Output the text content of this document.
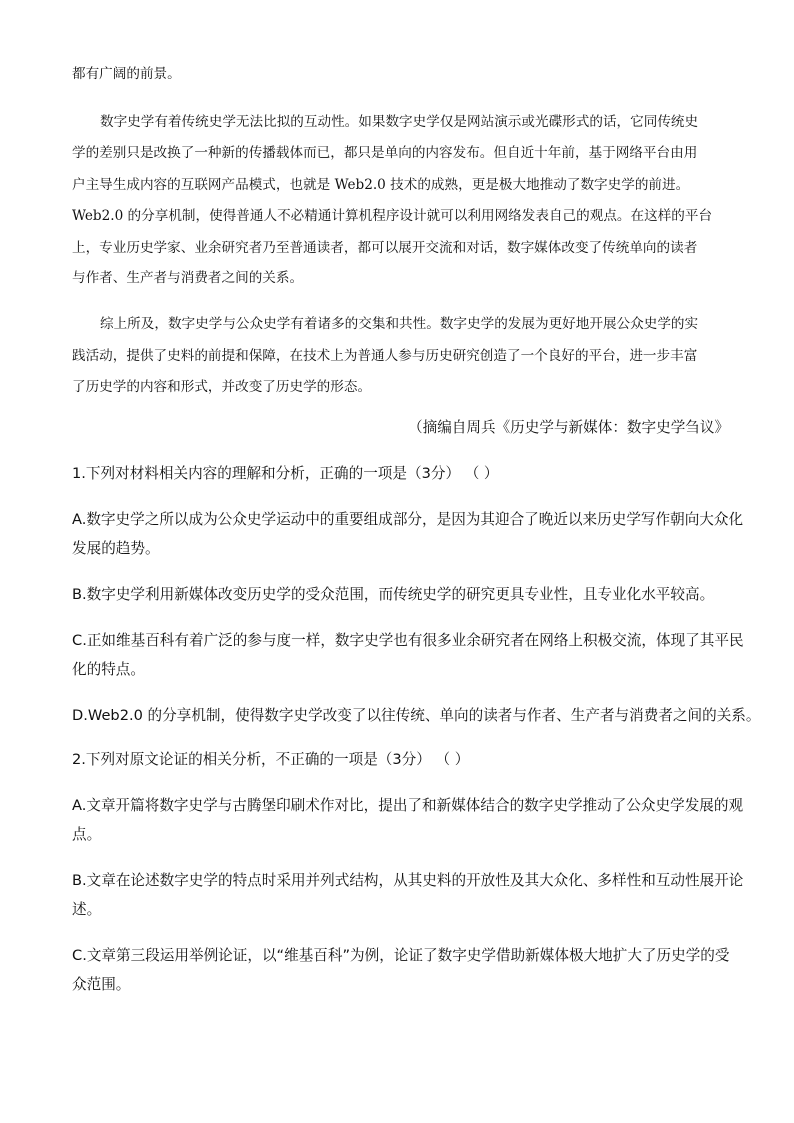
都有广阔的前景。
数字史学有着传统史学无法比拟的互动性。如果数字史学仅是网站演示或光碟形式的话，它同传统史
学的差别只是改换了一种新的传播载体而已，都只是单向的内容发布。但自近十年前，基于网络平台由用
户主导生成内容的互联网产品模式，也就是 Web2.0 技术的成熟，更是极大地推动了数字史学的前进。
Web2.0 的分享机制，使得普通人不必精通计算机程序设计就可以利用网络发表自己的观点。在这样的平台
上，专业历史学家、业余研究者乃至普通读者，都可以展开交流和对话，数字媒体改变了传统单向的读者
与作者、生产者与消费者之间的关系。
综上所及，数字史学与公众史学有着诸多的交集和共性。数字史学的发展为更好地开展公众史学的实
践活动，提供了史料的前提和保障，在技术上为普通人参与历史研究创造了一个良好的平台，进一步丰富
了历史学的内容和形式，并改变了历史学的形态。
（摘编自周兵《历史学与新媒体：数字史学刍议》
1.下列对材料相关内容的理解和分析，正确的一项是（3分） （ ）
A.数字史学之所以成为公众史学运动中的重要组成部分，是因为其迎合了晚近以来历史学写作朝向大众化
发展的趋势。
B.数字史学利用新媒体改变历史学的受众范围，而传统史学的研究更具专业性，且专业化水平较高。
C.正如维基百科有着广泛的参与度一样，数字史学也有很多业余研究者在网络上积极交流，体现了其平民
化的特点。
D.Web2.0 的分享机制，使得数字史学改变了以往传统、单向的读者与作者、生产者与消费者之间的关系。
2.下列对原文论证的相关分析，不正确的一项是（3分） （ ）
A.文章开篇将数字史学与古腾堡印刷术作对比，提出了和新媒体结合的数字史学推动了公众史学发展的观
点。
B.文章在论述数字史学的特点时采用并列式结构，从其史料的开放性及其大众化、多样性和互动性展开论
述。
C.文章第三段运用举例论证，以“维基百科”为例，论证了数字史学借助新媒体极大地扩大了历史学的受
众范围。
